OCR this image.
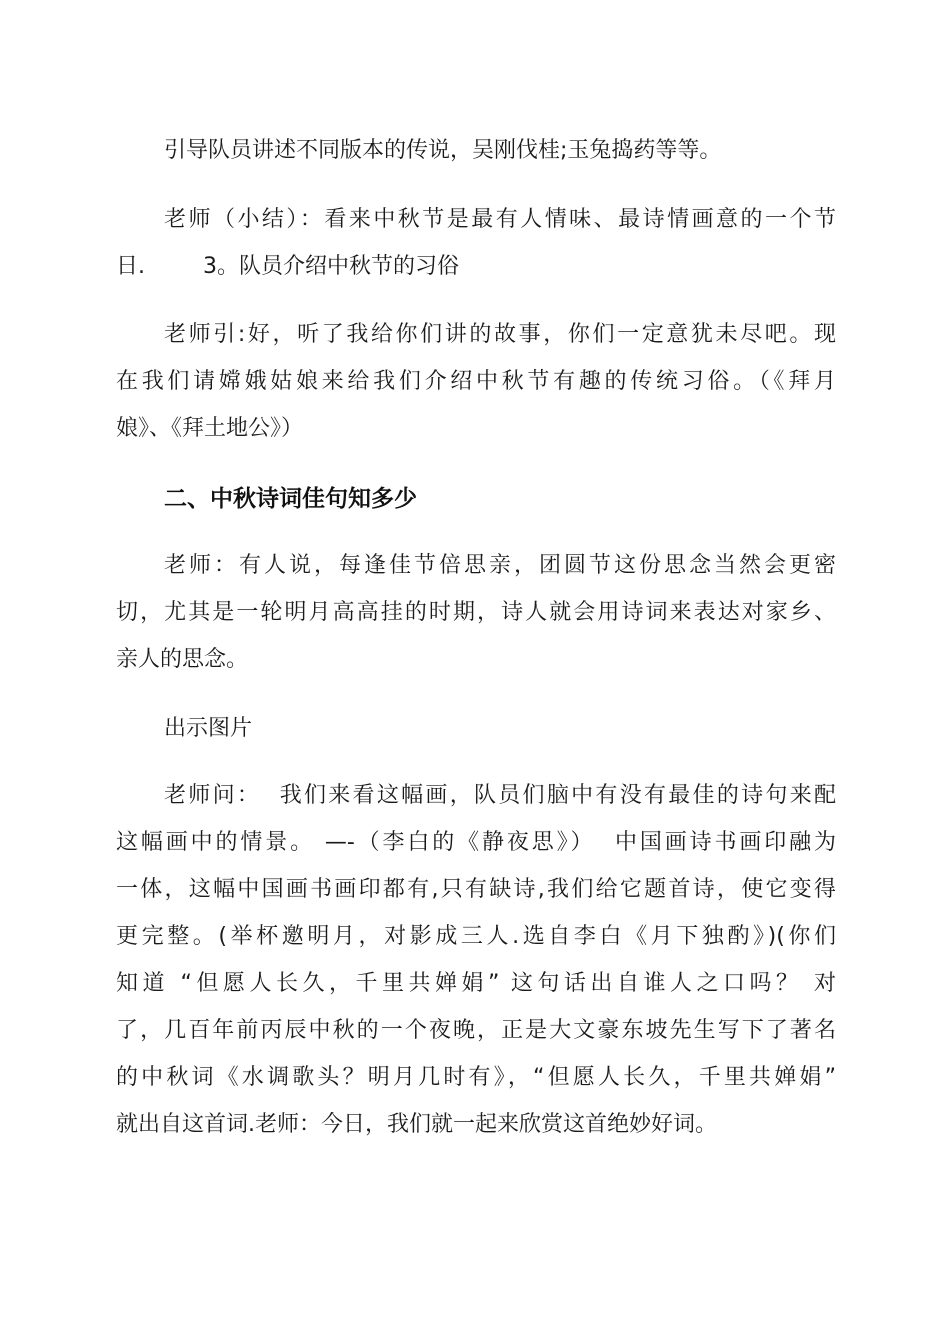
引导队员讲述不同版本的传说，吴刚伐桂;玉兔捣药等等。

老师（小结）：看来中秋节是最有人情味、最诗情画意的一个节
日.　　  3。队员介绍中秋节的习俗

老师引:好，听了我给你们讲的故事，你们一定意犹未尽吧。现
在我们请嫦娥姑娘来给我们介绍中秋节有趣的传统习俗。（《拜月
娘》、《拜土地公》）

二、中秋诗词佳句知多少

老师：有人说，每逢佳节倍思亲，团圆节这份思念当然会更密
切，尤其是一轮明月高高挂的时期，诗人就会用诗词来表达对家乡、
亲人的思念。

出示图片

老师问：  我们来看这幅画，队员们脑中有没有最佳的诗句来配
这幅画中的情景。 —-（李白的《静夜思》）  中国画诗书画印融为
一体，这幅中国画书画印都有,只有缺诗,我们给它题首诗，使它变得
更完整。(举杯邀明月，对影成三人.选自李白《月下独酌》)(你们
知道 “但愿人长久，千里共婵娟” 这句话出自谁人之口吗？ 对
了，几百年前丙辰中秋的一个夜晚，正是大文豪东坡先生写下了著名
的中秋词《水调歌头？明月几时有》，“但愿人长久，千里共婵娟”
就出自这首词.老师：今日，我们就一起来欣赏这首绝妙好词。
